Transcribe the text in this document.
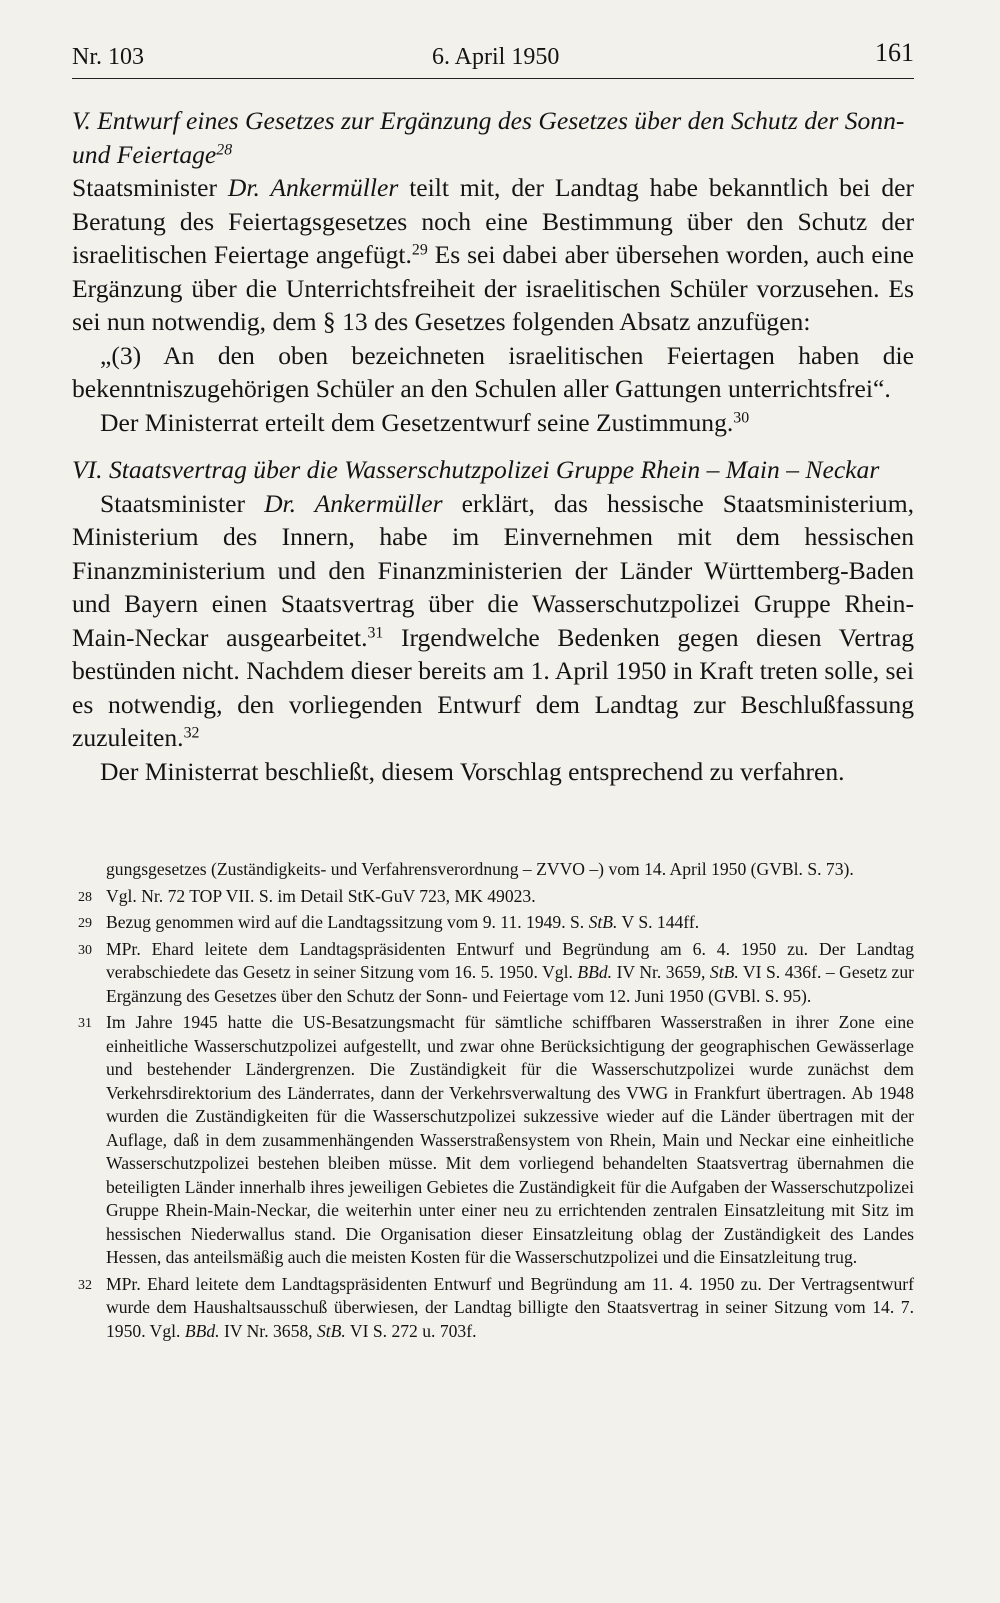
Nr. 103	6. April 1950	161

V. Entwurf eines Gesetzes zur Ergänzung des Gesetzes über den Schutz der Sonn- und Feiertage$^{28}$

Staatsminister Dr. Ankermüller teilt mit, der Landtag habe bekanntlich bei der Beratung des Feiertagsgesetzes noch eine Bestimmung über den Schutz der israelitischen Feiertage angefügt.$^{29}$ Es sei dabei aber übersehen worden, auch eine Ergänzung über die Unterrichtsfreiheit der israelitischen Schüler vorzusehen. Es sei nun notwendig, dem § 13 des Gesetzes folgenden Absatz anzufügen:

„(3) An den oben bezeichneten israelitischen Feiertagen haben die bekenntniszugehörigen Schüler an den Schulen aller Gattungen unterrichtsfrei“.

Der Ministerrat erteilt dem Gesetzentwurf seine Zustimmung.$^{30}$

VI. Staatsvertrag über die Wasserschutzpolizei Gruppe Rhein – Main – Neckar

Staatsminister Dr. Ankermüller erklärt, das hessische Staatsministerium, Ministerium des Innern, habe im Einvernehmen mit dem hessischen Finanzministerium und den Finanzministerien der Länder Württemberg-Baden und Bayern einen Staatsvertrag über die Wasserschutzpolizei Gruppe Rhein-Main-Neckar ausgearbeitet.$^{31}$ Irgendwelche Bedenken gegen diesen Vertrag bestünden nicht. Nachdem dieser bereits am 1. April 1950 in Kraft treten solle, sei es notwendig, den vorliegenden Entwurf dem Landtag zur Beschlußfassung zuzuleiten.$^{32}$

Der Ministerrat beschließt, diesem Vorschlag entsprechend zu verfahren.

gungsgesetzes (Zuständigkeits- und Verfahrensverordnung – ZVVO –) vom 14. April 1950 (GVBl. S. 73).

28 Vgl. Nr. 72 TOP VII. S. im Detail StK-GuV 723, MK 49023.

29 Bezug genommen wird auf die Landtagssitzung vom 9. 11. 1949. S. StB. V S. 144ff.

30 MPr. Ehard leitete dem Landtagspräsidenten Entwurf und Begründung am 6. 4. 1950 zu. Der Landtag verabschiedete das Gesetz in seiner Sitzung vom 16. 5. 1950. Vgl. BBd. IV Nr. 3659, StB. VI S. 436f. – Gesetz zur Ergänzung des Gesetzes über den Schutz der Sonn- und Feiertage vom 12. Juni 1950 (GVBl. S. 95).

31 Im Jahre 1945 hatte die US-Besatzungsmacht für sämtliche schiffbaren Wasserstraßen in ihrer Zone eine einheitliche Wasserschutzpolizei aufgestellt, und zwar ohne Berücksichtigung der geographischen Gewässerlage und bestehender Ländergrenzen. Die Zuständigkeit für die Wasserschutzpolizei wurde zunächst dem Verkehrsdirektorium des Länderrates, dann der Verkehrsverwaltung des VWG in Frankfurt übertragen. Ab 1948 wurden die Zuständigkeiten für die Wasserschutzpolizei sukzessive wieder auf die Länder übertragen mit der Auflage, daß in dem zusammenhängenden Wasserstraßensystem von Rhein, Main und Neckar eine einheitliche Wasserschutzpolizei bestehen bleiben müsse. Mit dem vorliegend behandelten Staatsvertrag übernahmen die beteiligten Länder innerhalb ihres jeweiligen Gebietes die Zuständigkeit für die Aufgaben der Wasserschutzpolizei Gruppe Rhein-Main-Neckar, die weiterhin unter einer neu zu errichtenden zentralen Einsatzleitung mit Sitz im hessischen Niederwallus stand. Die Organisation dieser Einsatzleitung oblag der Zuständigkeit des Landes Hessen, das anteilsmäßig auch die meisten Kosten für die Wasserschutzpolizei und die Einsatzleitung trug.

32 MPr. Ehard leitete dem Landtagspräsidenten Entwurf und Begründung am 11. 4. 1950 zu. Der Vertragsentwurf wurde dem Haushaltsausschuß überwiesen, der Landtag billigte den Staatsvertrag in seiner Sitzung vom 14. 7. 1950. Vgl. BBd. IV Nr. 3658, StB. VI S. 272 u. 703f.
